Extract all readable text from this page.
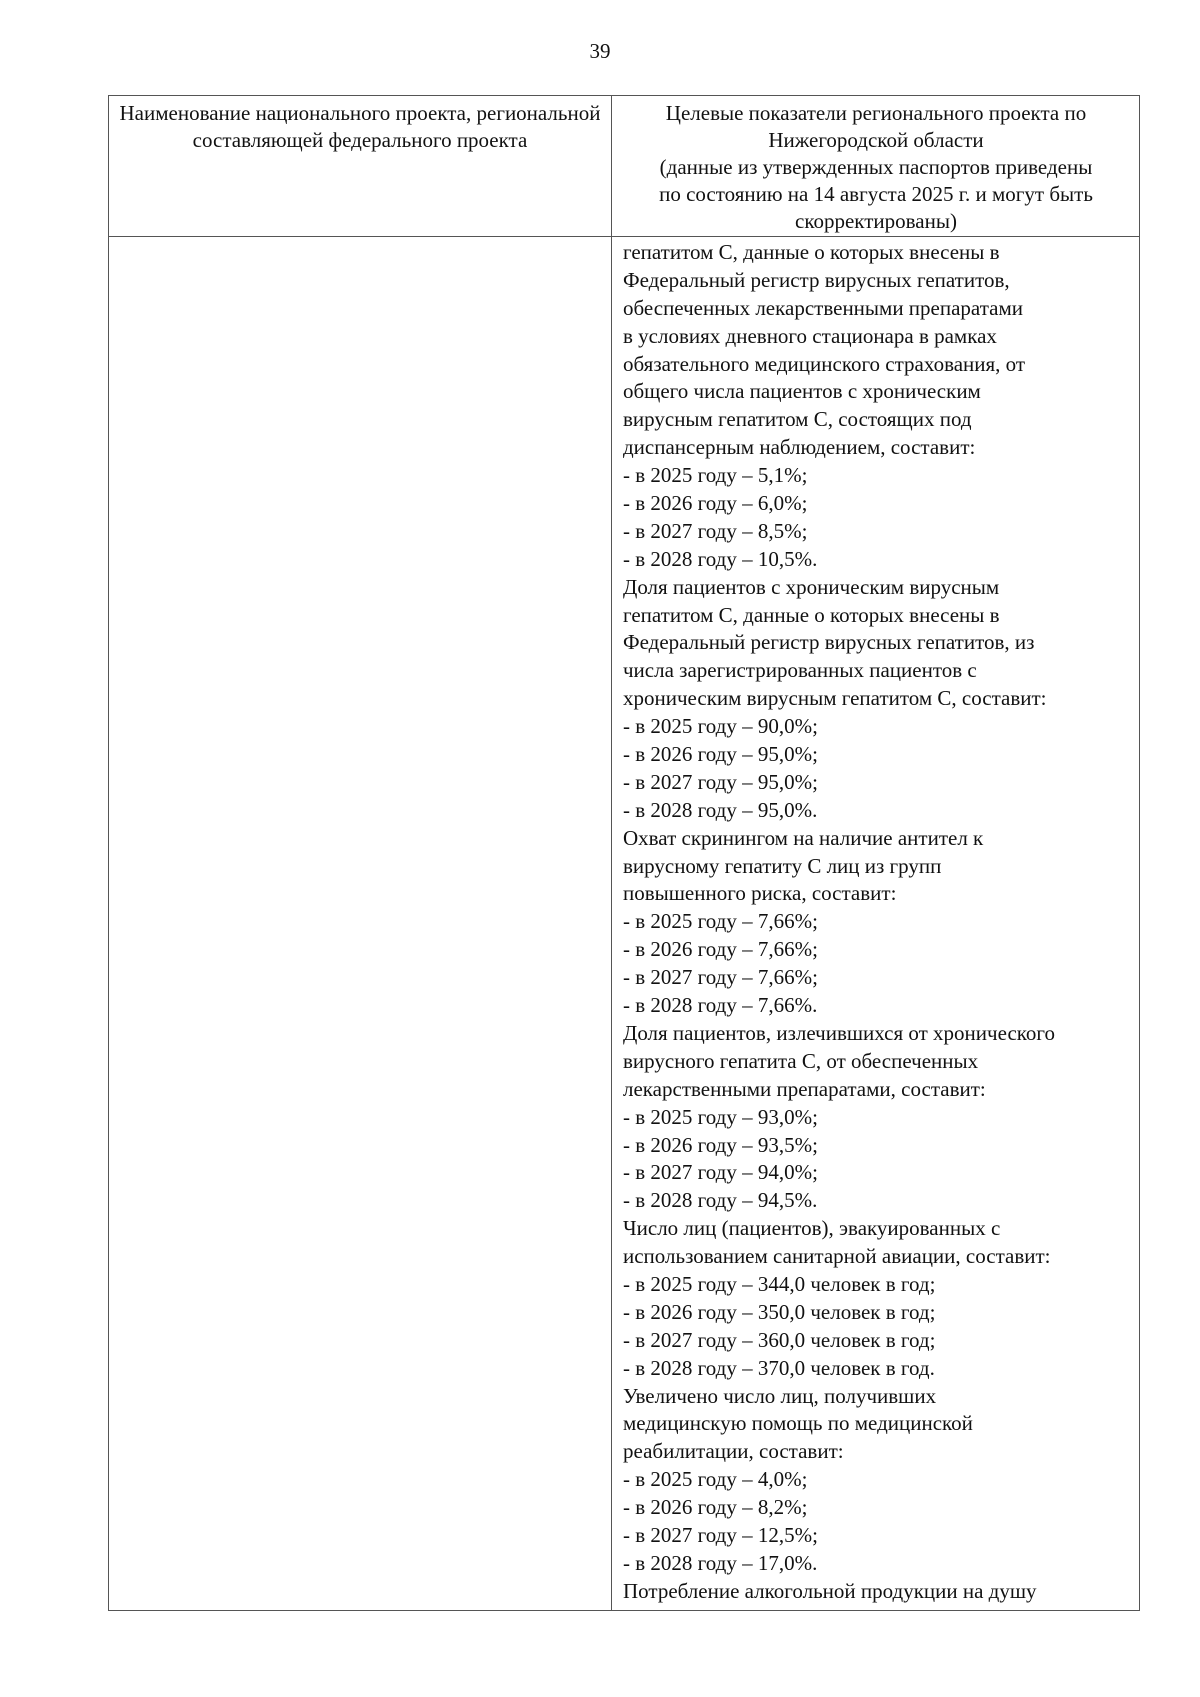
39
Наименование национального проекта, региональной составляющей федерального проекта
Целевые показатели регионального проекта по
Нижегородской области
(данные из утвержденных паспортов приведены
по состоянию на 14 августа 2025 г. и могут быть
скорректированы)
гепатитом С, данные о которых внесены в
Федеральный регистр вирусных гепатитов,
обеспеченных лекарственными препаратами
в условиях дневного стационара в рамках
обязательного медицинского страхования, от
общего числа пациентов с хроническим
вирусным гепатитом С, состоящих под
диспансерным наблюдением, составит:
- в 2025 году – 5,1%;
- в 2026 году – 6,0%;
- в 2027 году – 8,5%;
- в 2028 году – 10,5%.
Доля пациентов с хроническим вирусным
гепатитом С, данные о которых внесены в
Федеральный регистр вирусных гепатитов, из
числа зарегистрированных пациентов с
хроническим вирусным гепатитом С, составит:
- в 2025 году – 90,0%;
- в 2026 году – 95,0%;
- в 2027 году – 95,0%;
- в 2028 году – 95,0%.
Охват скринингом на наличие антител к
вирусному гепатиту С лиц из групп
повышенного риска, составит:
- в 2025 году – 7,66%;
- в 2026 году – 7,66%;
- в 2027 году – 7,66%;
- в 2028 году – 7,66%.
Доля пациентов, излечившихся от хронического
вирусного гепатита С, от обеспеченных
лекарственными препаратами, составит:
- в 2025 году – 93,0%;
- в 2026 году – 93,5%;
- в 2027 году – 94,0%;
- в 2028 году – 94,5%.
Число лиц (пациентов), эвакуированных с
использованием санитарной авиации, составит:
- в 2025 году – 344,0 человек в год;
- в 2026 году – 350,0 человек в год;
- в 2027 году – 360,0 человек в год;
- в 2028 году – 370,0 человек в год.
Увеличено число лиц, получивших
медицинскую помощь по медицинской
реабилитации, составит:
- в 2025 году – 4,0%;
- в 2026 году – 8,2%;
- в 2027 году – 12,5%;
- в 2028 году – 17,0%.
Потребление алкогольной продукции на душу
